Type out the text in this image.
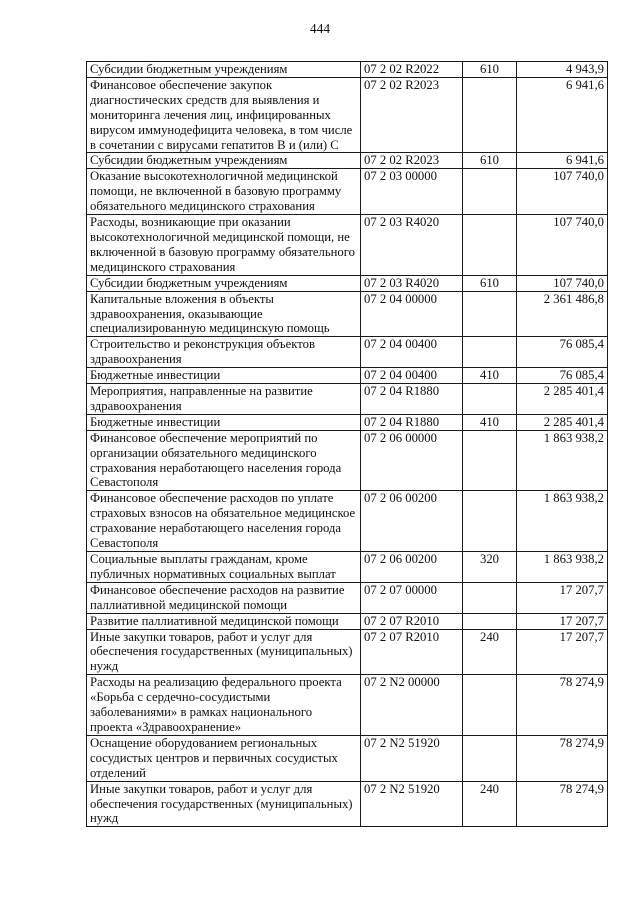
444
Субсидии бюджетным учреждениям	07 2 02 R2022	610	4 943,9
Финансовое обеспечение закупок диагностических средств для выявления и мониторинга лечения лиц, инфицированных вирусом иммунодефицита человека, в том числе в сочетании с вирусами гепатитов B и (или) C	07 2 02 R2023		6 941,6
Субсидии бюджетным учреждениям	07 2 02 R2023	610	6 941,6
Оказание высокотехнологичной медицинской помощи, не включенной в базовую программу обязательного медицинского страхования	07 2 03 00000		107 740,0
Расходы, возникающие при оказании высокотехнологичной медицинской помощи, не включенной в базовую программу обязательного медицинского страхования	07 2 03 R4020		107 740,0
Субсидии бюджетным учреждениям	07 2 03 R4020	610	107 740,0
Капитальные вложения в объекты здравоохранения, оказывающие специализированную медицинскую помощь	07 2 04 00000		2 361 486,8
Строительство и реконструкция объектов здравоохранения	07 2 04 00400		76 085,4
Бюджетные инвестиции	07 2 04 00400	410	76 085,4
Мероприятия, направленные на развитие здравоохранения	07 2 04 R1880		2 285 401,4
Бюджетные инвестиции	07 2 04 R1880	410	2 285 401,4
Финансовое обеспечение мероприятий по организации обязательного медицинского страхования неработающего населения города Севастополя	07 2 06 00000		1 863 938,2
Финансовое обеспечение расходов по уплате страховых взносов на обязательное медицинское страхование неработающего населения города Севастополя	07 2 06 00200		1 863 938,2
Социальные выплаты гражданам, кроме публичных нормативных социальных выплат	07 2 06 00200	320	1 863 938,2
Финансовое обеспечение расходов на развитие паллиативной медицинской помощи	07 2 07 00000		17 207,7
Развитие паллиативной медицинской помощи	07 2 07 R2010		17 207,7
Иные закупки товаров, работ и услуг для обеспечения государственных (муниципальных) нужд	07 2 07 R2010	240	17 207,7
Расходы на реализацию федерального проекта «Борьба с сердечно-сосудистыми заболеваниями» в рамках национального проекта «Здравоохранение»	07 2 N2 00000		78 274,9
Оснащение оборудованием региональных сосудистых центров и первичных сосудистых отделений	07 2 N2 51920		78 274,9
Иные закупки товаров, работ и услуг для обеспечения государственных (муниципальных) нужд	07 2 N2 51920	240	78 274,9
